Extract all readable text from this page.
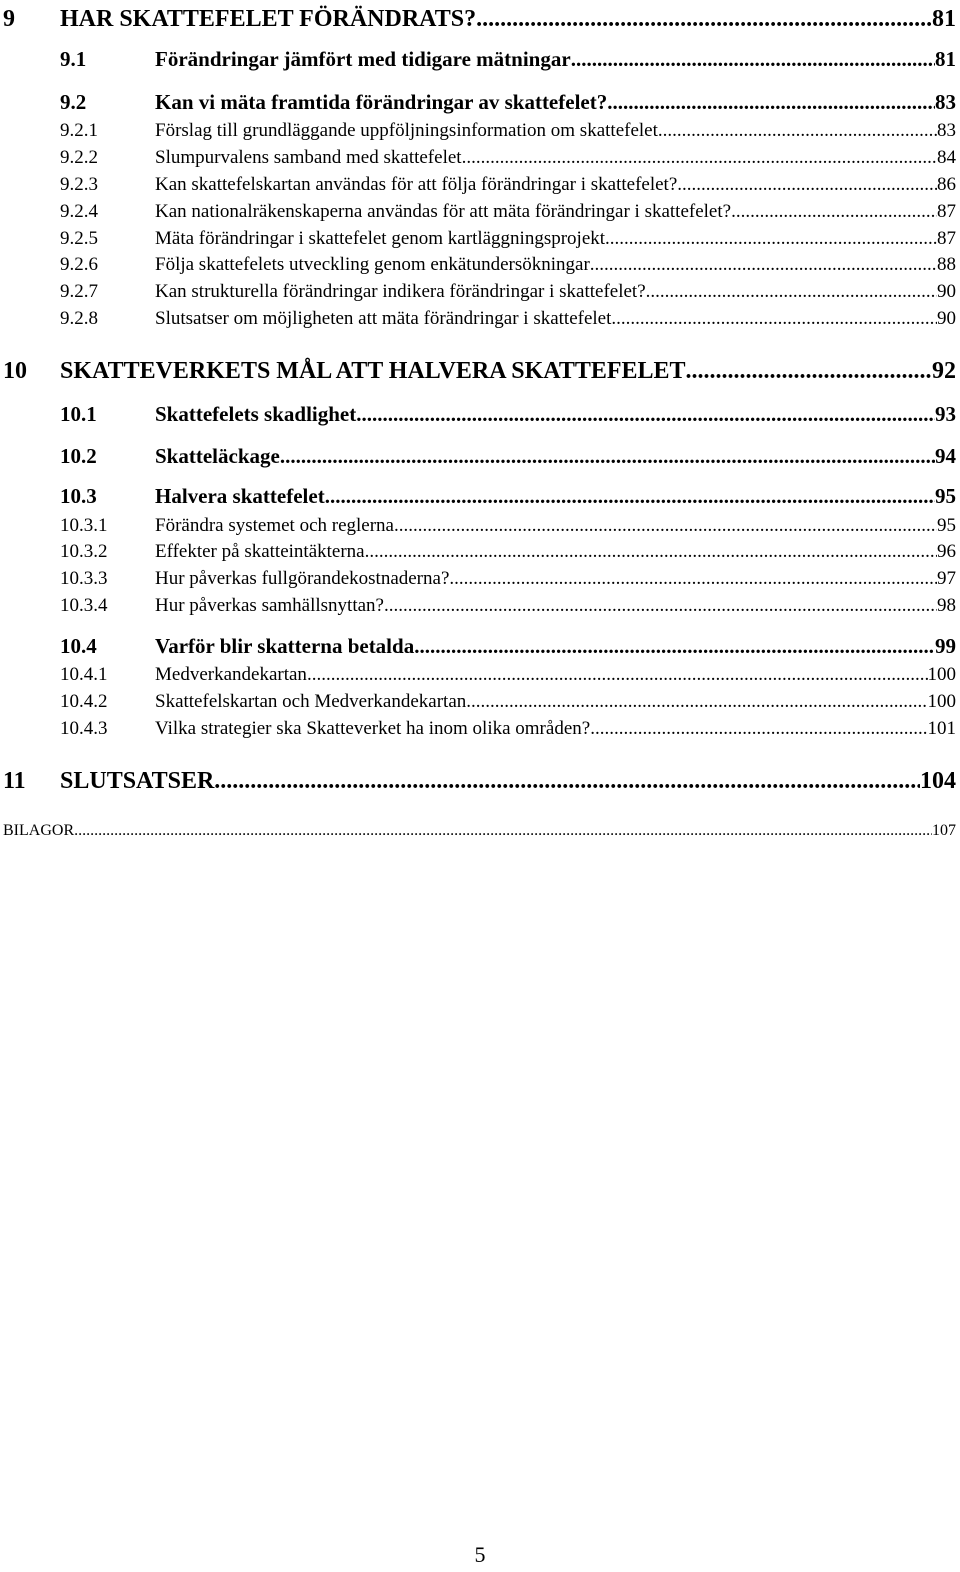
9 HAR SKATTEFELET FÖRÄNDRATS? .....	81
9.1	Förändringar jämfört med tidigare mätningar .....	81
9.2	Kan vi mäta framtida förändringar av skattefelet? .....	83
9.2.1	Förslag till grundläggande uppföljningsinformation om skattefelet .....	83
9.2.2	Slumpurvalens samband med skattefelet .....	84
9.2.3	Kan skattefelskartan användas för att följa förändringar i skattefelet? .....	86
9.2.4	Kan nationalräkenskaperna användas för att mäta förändringar i skattefelet? .....	87
9.2.5	Mäta förändringar i skattefelet genom kartläggningsprojekt .....	87
9.2.6	Följa skattefelets utveckling genom enkätundersökningar .....	88
9.2.7	Kan strukturella förändringar indikera förändringar i skattefelet? .....	90
9.2.8	Slutsatser om möjligheten att mäta förändringar i skattefelet .....	90
10 SKATTEVERKETS MÅL ATT HALVERA SKATTEFELET .....	92
10.1	Skattefelets skadlighet .....	93
10.2	Skatteläckage .....	94
10.3	Halvera skattefelet .....	95
10.3.1	Förändra systemet och reglerna .....	95
10.3.2	Effekter på skatteintäkterna .....	96
10.3.3	Hur påverkas fullgörandekostnaderna? .....	97
10.3.4	Hur påverkas samhällsnyttan? .....	98
10.4	Varför blir skatterna betalda .....	99
10.4.1	Medverkandekartan .....	100
10.4.2	Skattefelskartan och Medverkandekartan .....	100
10.4.3	Vilka strategier ska Skatteverket ha inom olika områden? .....	101
11 SLUTSATSER .....	104
BILAGOR .....	107
5
